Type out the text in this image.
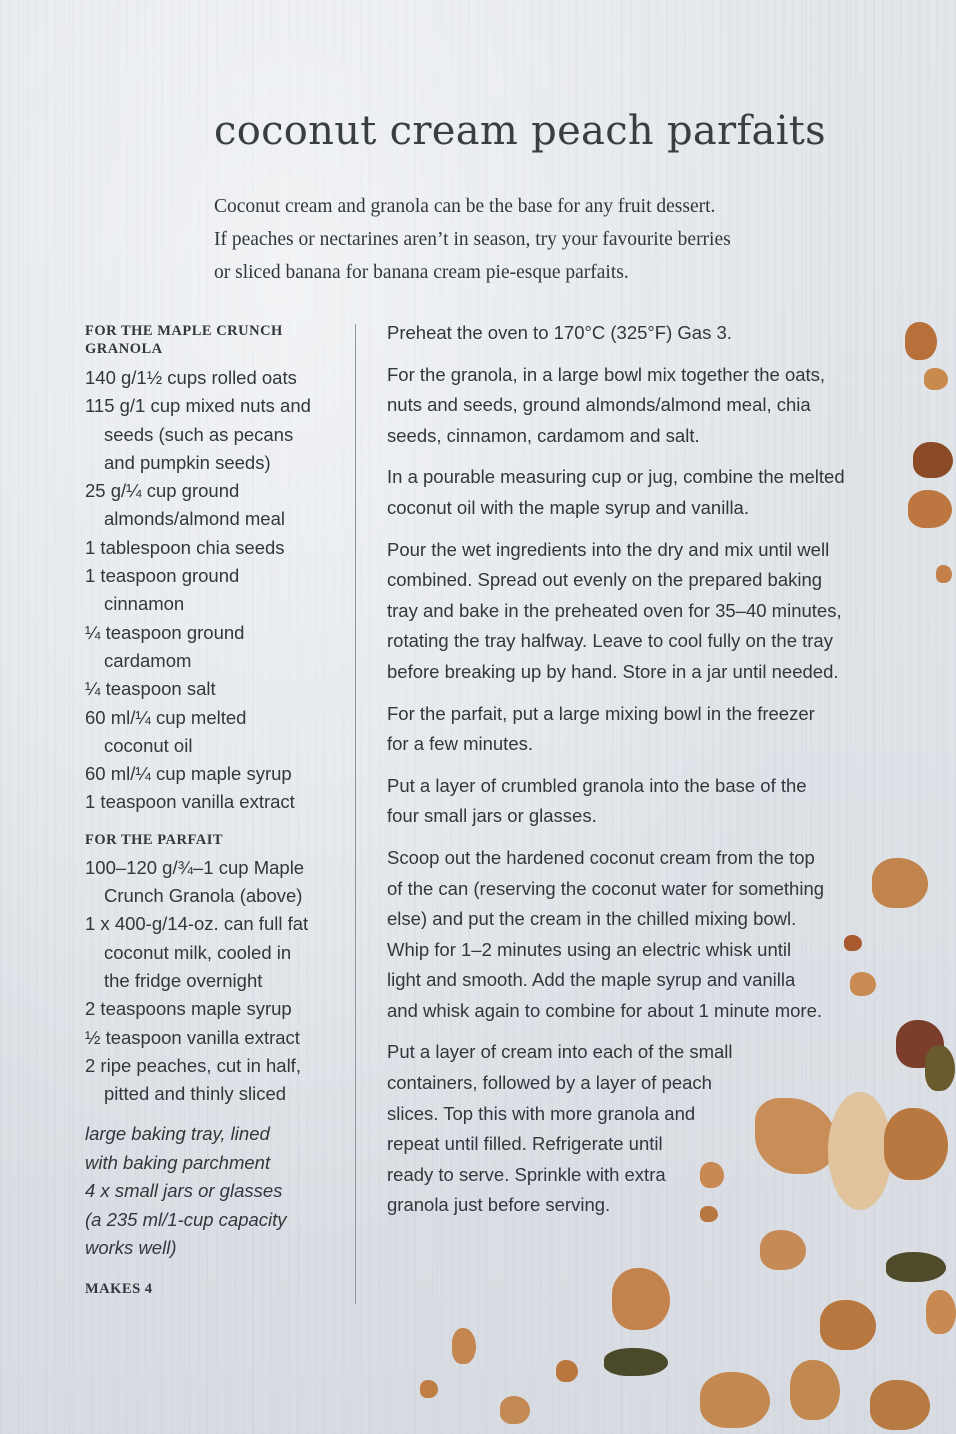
coconut cream peach parfaits
Coconut cream and granola can be the base for any fruit dessert.
If peaches or nectarines aren’t in season, try your favourite berries
or sliced banana for banana cream pie-esque parfaits.
FOR THE MAPLE CRUNCH
GRANOLA
140 g/1½ cups rolled oats
115 g/1 cup mixed nuts and
seeds (such as pecans
and pumpkin seeds)
25 g/¼ cup ground
almonds/almond meal
1 tablespoon chia seeds
1 teaspoon ground
cinnamon
¼ teaspoon ground
cardamom
¼ teaspoon salt
60 ml/¼ cup melted
coconut oil
60 ml/¼ cup maple syrup
1 teaspoon vanilla extract
FOR THE PARFAIT
100–120 g/¾–1 cup Maple
Crunch Granola (above)
1 x 400-g/14-oz. can full fat
coconut milk, cooled in
the fridge overnight
2 teaspoons maple syrup
½ teaspoon vanilla extract
2 ripe peaches, cut in half,
pitted and thinly sliced
large baking tray, lined
with baking parchment
4 x small jars or glasses
(a 235 ml/1-cup capacity
works well)
MAKES 4
Preheat the oven to 170°C (325°F) Gas 3.
For the granola, in a large bowl mix together the oats,
nuts and seeds, ground almonds/almond meal, chia
seeds, cinnamon, cardamom and salt.
In a pourable measuring cup or jug, combine the melted
coconut oil with the maple syrup and vanilla.
Pour the wet ingredients into the dry and mix until well
combined. Spread out evenly on the prepared baking
tray and bake in the preheated oven for 35–40 minutes,
rotating the tray halfway. Leave to cool fully on the tray
before breaking up by hand. Store in a jar until needed.
For the parfait, put a large mixing bowl in the freezer
for a few minutes.
Put a layer of crumbled granola into the base of the
four small jars or glasses.
Scoop out the hardened coconut cream from the top
of the can (reserving the coconut water for something
else) and put the cream in the chilled mixing bowl.
Whip for 1–2 minutes using an electric whisk until
light and smooth. Add the maple syrup and vanilla
and whisk again to combine for about 1 minute more.
Put a layer of cream into each of the small
containers, followed by a layer of peach
slices. Top this with more granola and
repeat until filled. Refrigerate until
ready to serve. Sprinkle with extra
granola just before serving.
